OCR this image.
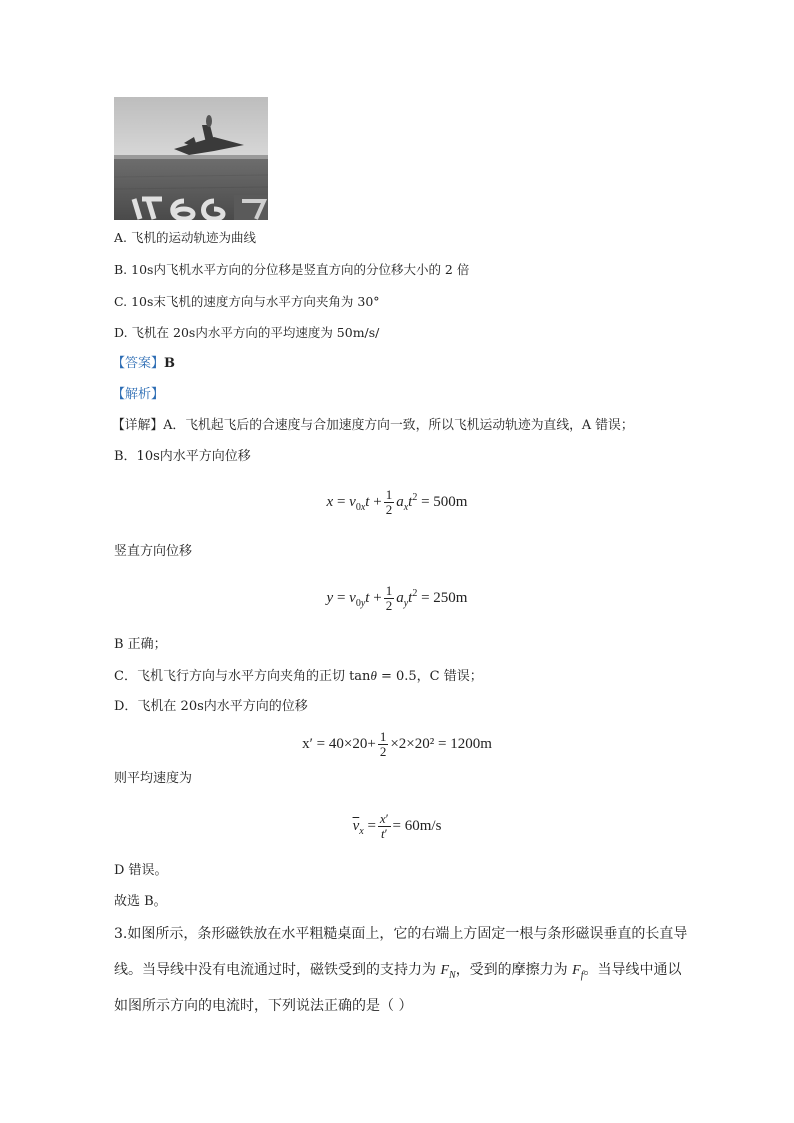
A. 飞机的运动轨迹为曲线
B. 10s内飞机水平方向的分位移是竖直方向的分位移大小的 2 倍
C. 10s末飞机的速度方向与水平方向夹角为 30°
D. 飞机在 20s内水平方向的平均速度为 50m/s/
【答案】B
【解析】
【详解】A．飞机起飞后的合速度与合加速度方向一致，所以飞机运动轨迹为直线，A 错误；
B．10s内水平方向位移
$x = v_{0x}t + \frac{1}{2} a_xt^2 = 500m$
竖直方向位移
$y = v_{0y}t + \frac{1}{2} a_yt^2 = 250m$
B 正确；
C．飞机飞行方向与水平方向夹角的正切 tanθ = 0.5，C 错误；
D．飞机在 20s内水平方向的位移
$x' = 40\times 20+ \frac{1}{2} \times 2\times 20^2 = 1200m$
则平均速度为
$\overline{v}_x = \frac{x'}{t'} = 60m/s$
D 错误。
故选 B。
3.如图所示，条形磁铁放在水平粗糙桌面上，它的右端上方固定一根与条形磁误垂直的长直导
线。当导线中没有电流通过时，磁铁受到的支持力为 $F_N$，受到的摩擦力为 $F_f$。当导线中通以
如图所示方向的电流时，下列说法正确的是（ ）
